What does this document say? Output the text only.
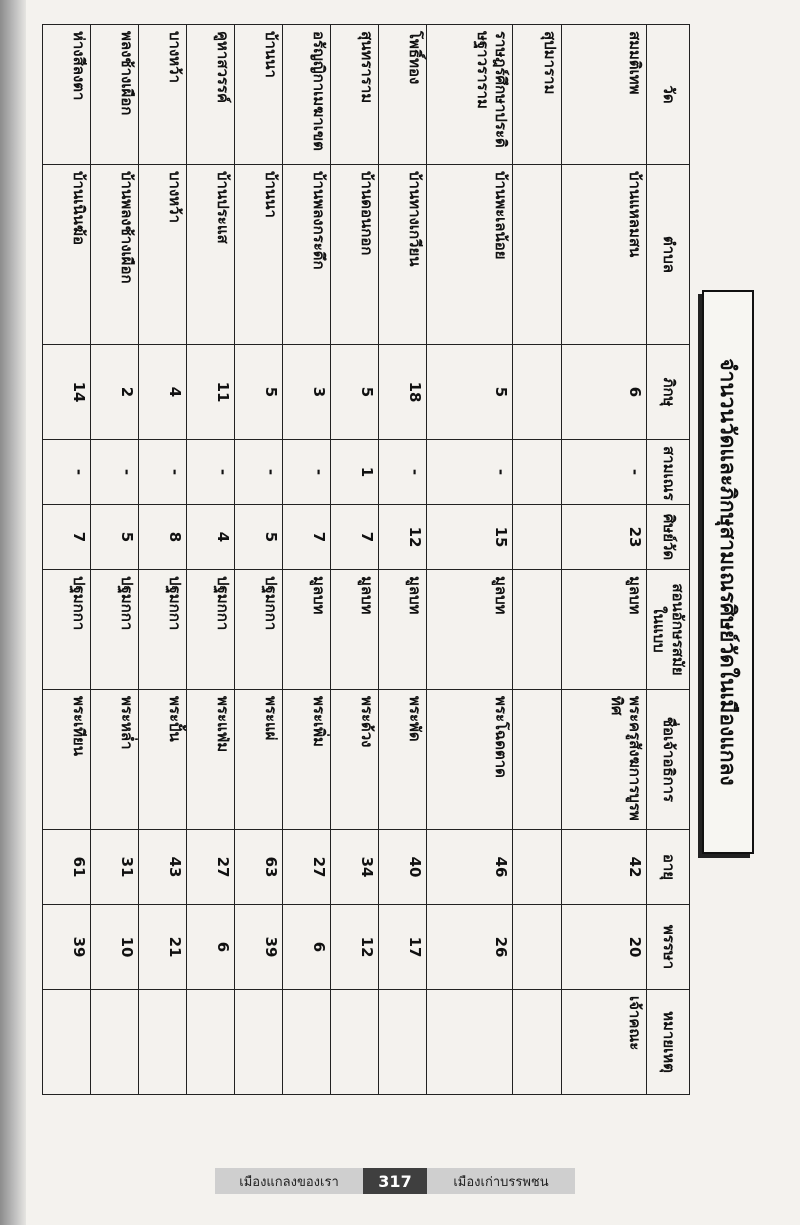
จำนวนวัดและภิกษุสามเณรศิษย์วัดในเมืองแกลง
วัด	ตำบล	ภิกษุ	สามเณร	ศิษย์วัด	สอนอักษรสมัยในแบบ	ชื่อเจ้าอธิการ	อายุ	พรรษา	หมายเหตุ
สมมติเทพ	บ้านแหลมสน	6	-	23	มูลบท	พระครูสังฆการบูรพทิศ	42	20	เจ้าคณะ
สุปมาราม									
ราษฎร์ศึกษาประดิษฐาวราราม	บ้านพะเลน้อย	5	-	15	มูลบท	พระโฉดตาด	46	26	
โพธิ์ทอง	บ้านทางเกวียน	18	-	12	มูลบท	พระพัด	40	17	
สุนทราราม	บ้านดอนกอก	5	1	7	มูลบท	พระด้วง	34	12	
อรัญญิกาเมฆาเขต	บ้านพลงกระดึก	3	-	7	มูลบท	พระเพิ่ม	27	6	
บ้านนา	บ้านนา	5	-	5	ปฐมกกา	พระแผ่	63	39	
คูหาสวรรค์	บ้านประแส	11	-	4	ปฐมกกา	พระแฟ่ม	27	6	
บางหว้า	บางหว้า	4	-	8	ปฐมกกา	พระปั้น	43	21	
พลงช้างเผือก	บ้านพลงช้างเผือก	2	-	5	ปฐมกกา	พระหล่ำ	31	10	
ห่างสีลงตา	บ้านเนินฆ้อ	14	-	7	ปฐมกกา	พระเทียน	61	39	
เมืองแกลงของเรา	317	เมืองเก่าบรรพชน
